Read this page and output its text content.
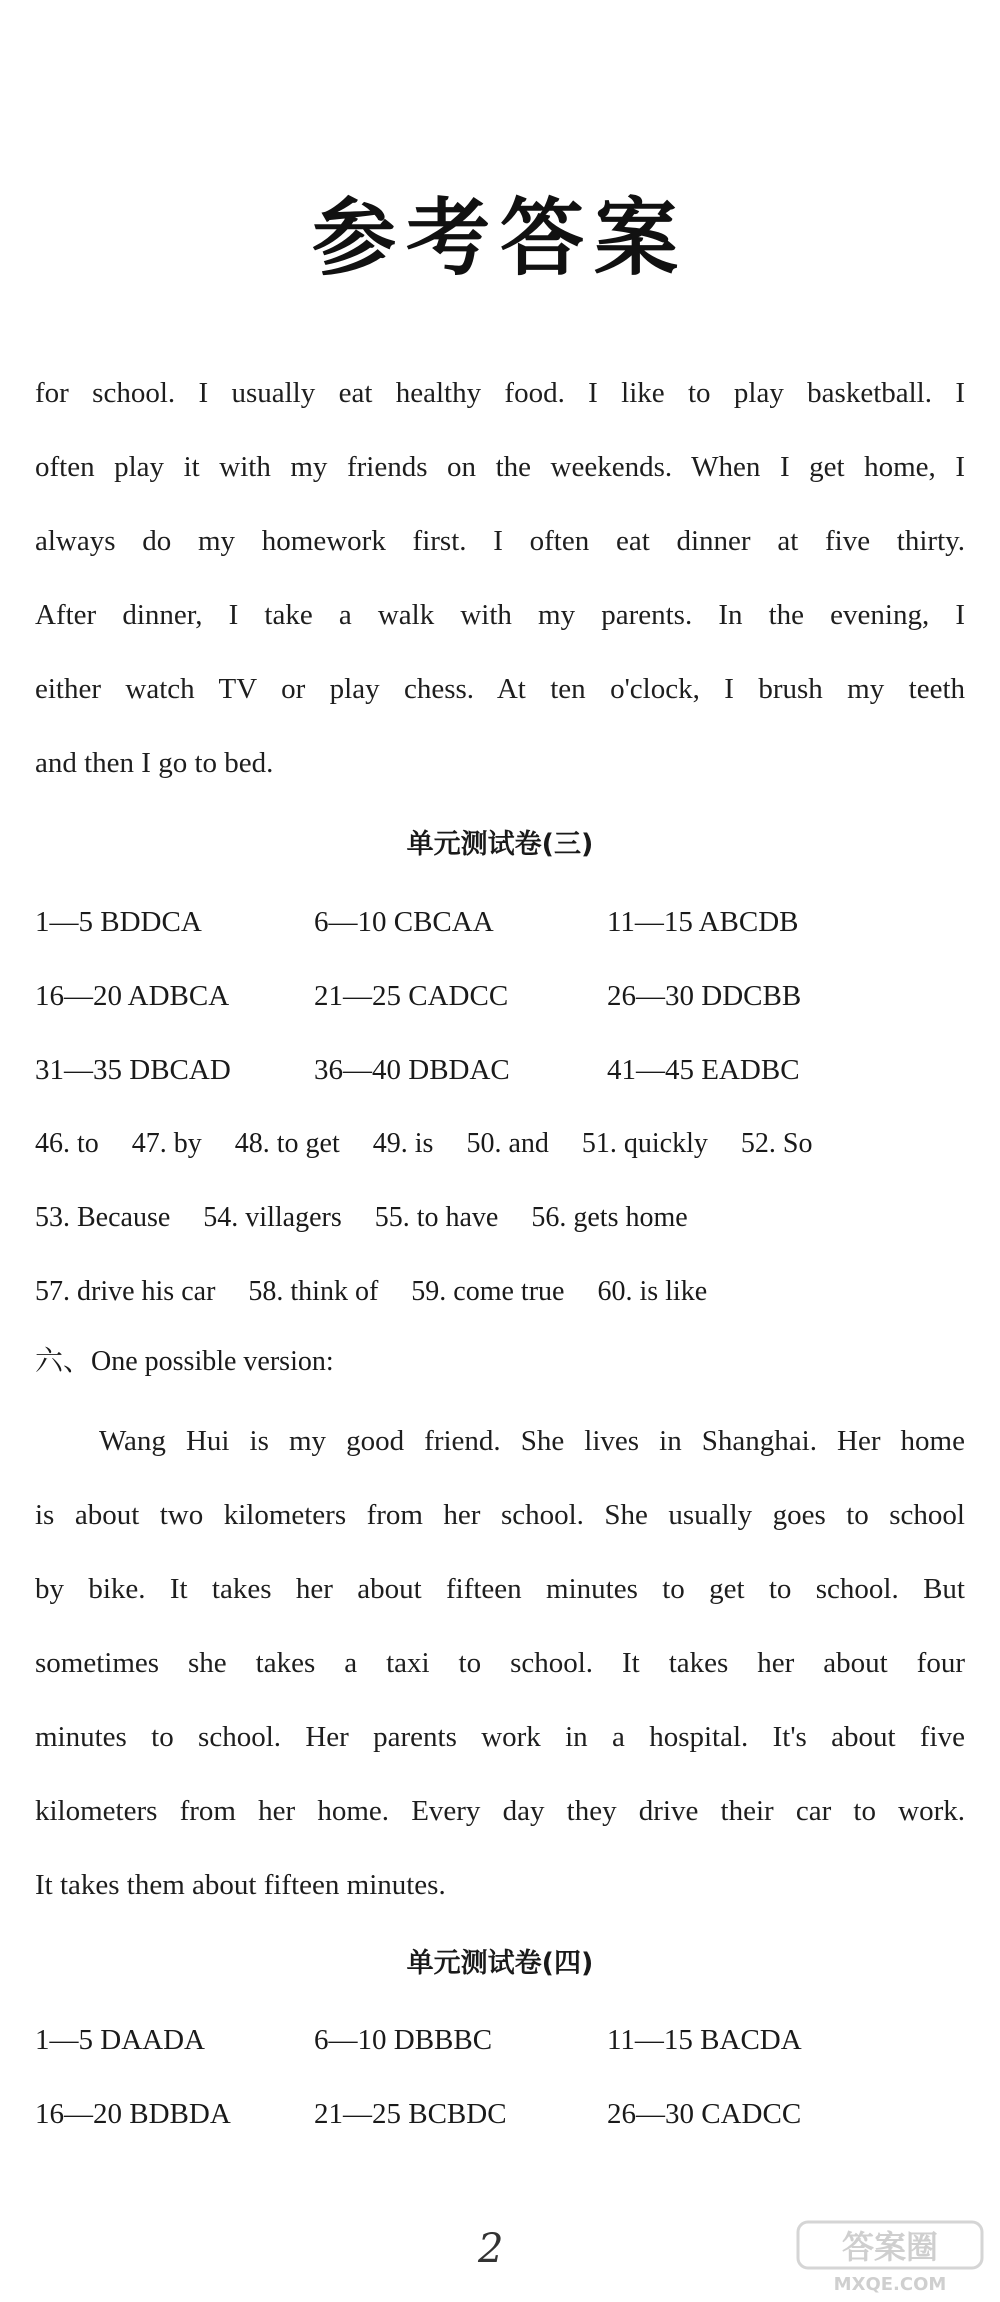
参考答案
for school. I usually eat healthy food. I like to play basketball. I
often play it with my friends on the weekends. When I get home, I
always do my homework first. I often eat dinner at five thirty.
After dinner, I take a walk with my parents. In the evening, I
either watch TV or play chess. At ten o'clock, I brush my teeth
and then I go to bed.
单元测试卷(三)
1—5 BDDCA	6—10 CBCAA	11—15 ABCDB
16—20 ADBCA	21—25 CADCC	26—30 DDCBB
31—35 DBCAD	36—40 DBDAC	41—45 EADBC
46. to 47. by 48. to get 49. is 50. and 51. quickly 52. So
53. Because 54. villagers 55. to have 56. gets home
57. drive his car 58. think of 59. come true 60. is like
六、One possible version:
Wang Hui is my good friend. She lives in Shanghai. Her home
is about two kilometers from her school. She usually goes to school
by bike. It takes her about fifteen minutes to get to school. But
sometimes she takes a taxi to school. It takes her about four
minutes to school. Her parents work in a hospital. It's about five
kilometers from her home. Every day they drive their car to work.
It takes them about fifteen minutes.
单元测试卷(四)
1—5 DAADA	6—10 DBBBC	11—15 BACDA
16—20 BDBDA	21—25 BCBDC	26—30 CADCC
2	答案圈
MXQE.COM
